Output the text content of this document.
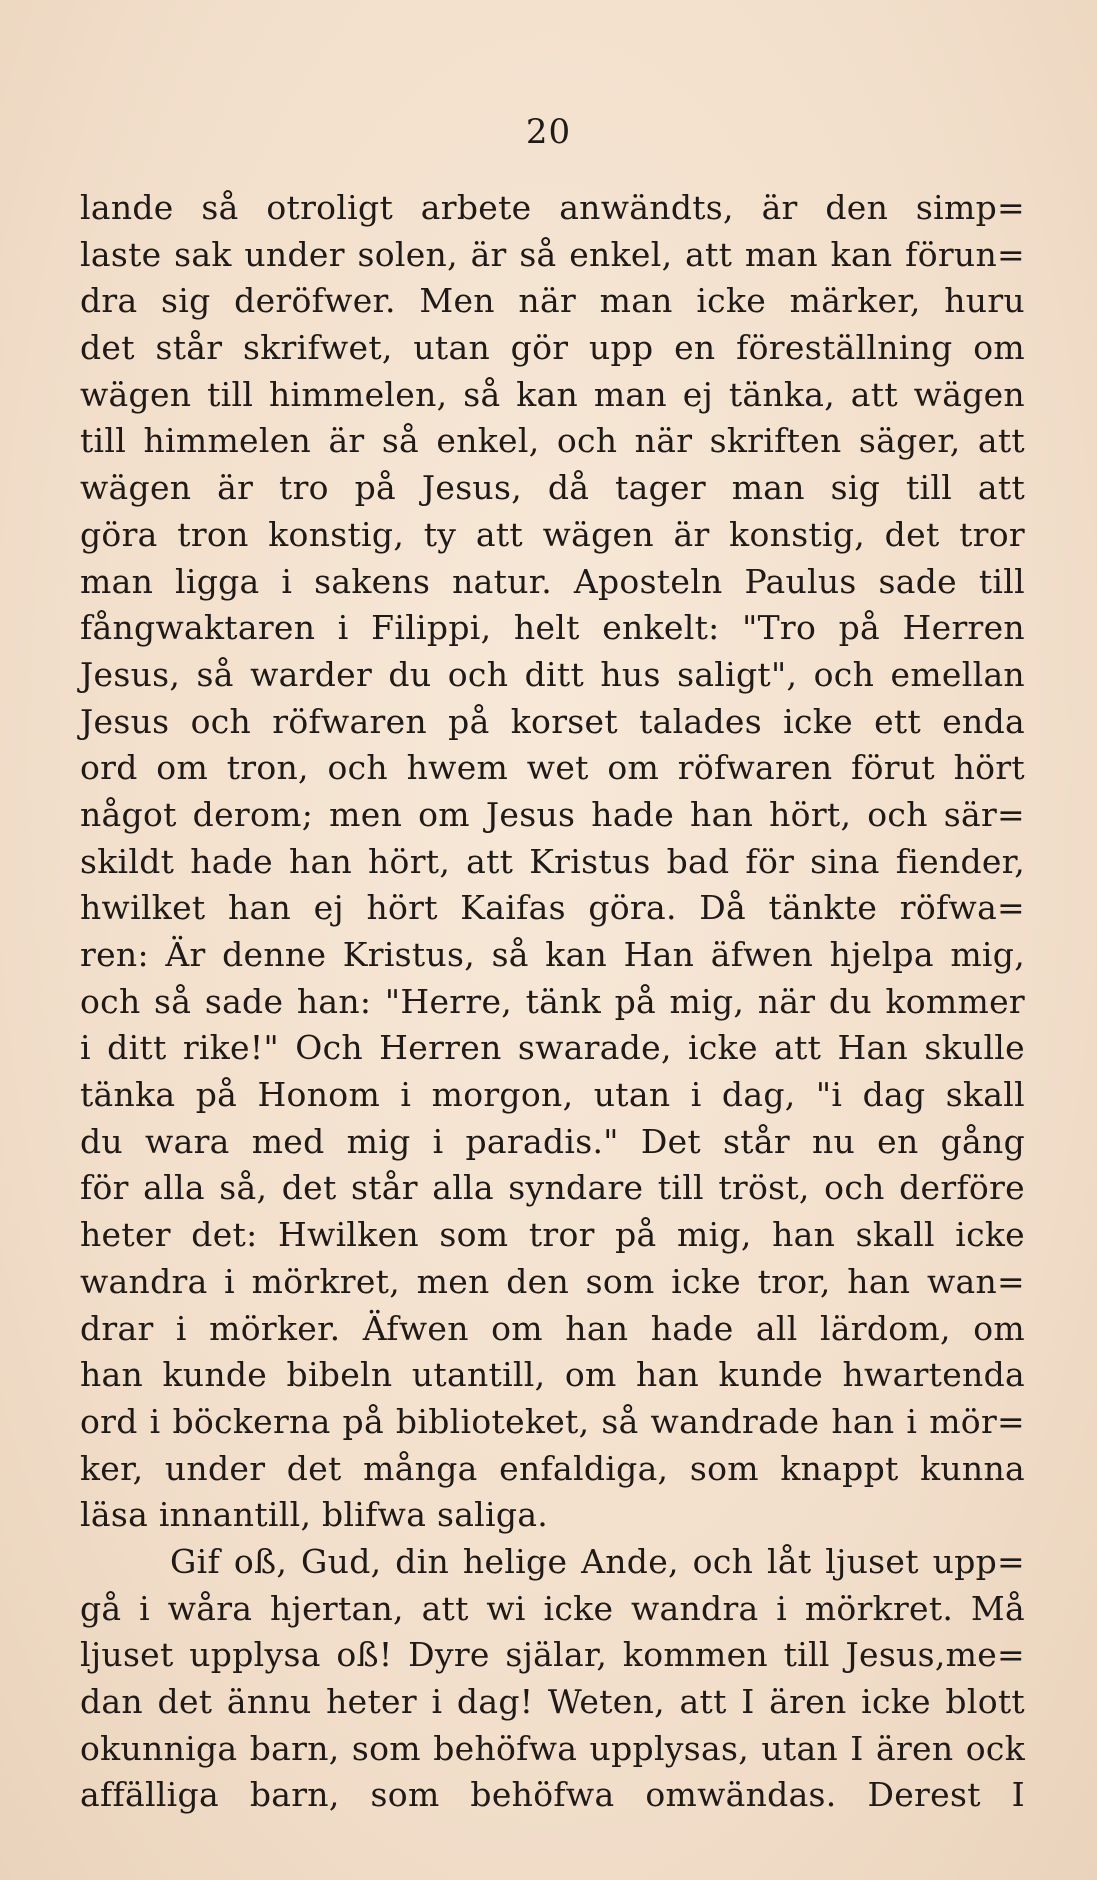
20
lande så otroligt arbete anwändts, är den simp=
laste sak under solen, är så enkel, att man kan förun=
dra sig deröfwer. Men när man icke märker, huru
det står skrifwet, utan gör upp en föreställning om
wägen till himmelen, så kan man ej tänka, att wägen
till himmelen är så enkel, och när skriften säger, att
wägen är tro på Jesus, då tager man sig till att
göra tron konstig, ty att wägen är konstig, det tror
man ligga i sakens natur. Aposteln Paulus sade till
fångwaktaren i Filippi, helt enkelt: "Tro på Herren
Jesus, så warder du och ditt hus saligt", och emellan
Jesus och röfwaren på korset talades icke ett enda
ord om tron, och hwem wet om röfwaren förut hört
något derom; men om Jesus hade han hört, och sär=
skildt hade han hört, att Kristus bad för sina fiender,
hwilket han ej hört Kaifas göra. Då tänkte röfwa=
ren: Är denne Kristus, så kan Han äfwen hjelpa mig,
och så sade han: "Herre, tänk på mig, när du kommer
i ditt rike!" Och Herren swarade, icke att Han skulle
tänka på Honom i morgon, utan i dag, "i dag skall
du wara med mig i paradis." Det står nu en gång
för alla så, det står alla syndare till tröst, och derföre
heter det: Hwilken som tror på mig, han skall icke
wandra i mörkret, men den som icke tror, han wan=
drar i mörker. Äfwen om han hade all lärdom, om
han kunde bibeln utantill, om han kunde hwartenda
ord i böckerna på biblioteket, så wandrade han i mör=
ker, under det många enfaldiga, som knappt kunna
läsa innantill, blifwa saliga.
Gif oß, Gud, din helige Ande, och låt ljuset upp=
gå i wåra hjertan, att wi icke wandra i mörkret. Må
ljuset upplysa oß! Dyre själar, kommen till Jesus,me=
dan det ännu heter i dag! Weten, att I ären icke blott
okunniga barn, som behöfwa upplysas, utan I ären ock
affälliga barn, som behöfwa omwändas. Derest I
